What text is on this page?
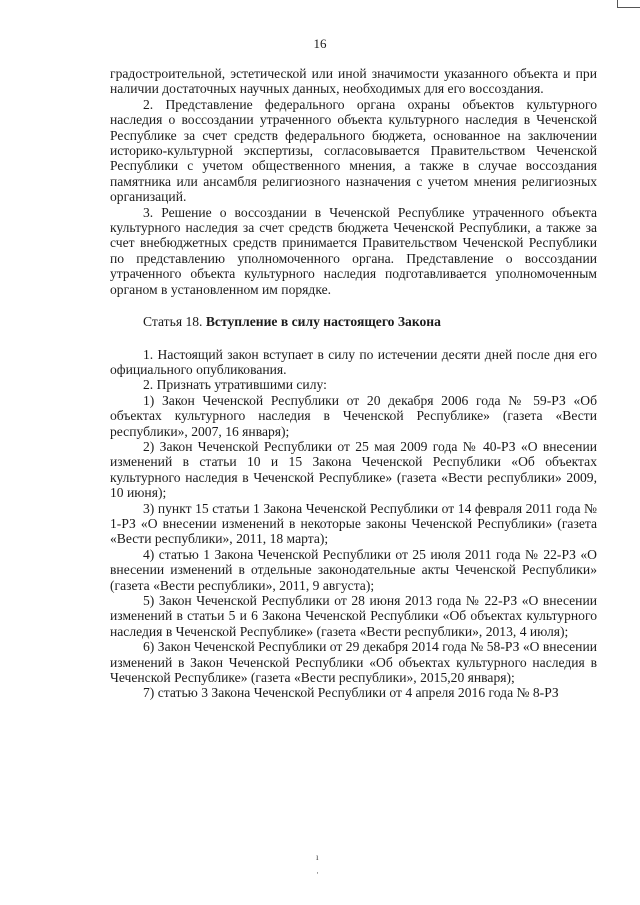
16

градостроительной, эстетической или иной значимости указанного объекта и при наличии достаточных научных данных, необходимых для его воссоздания.

2. Представление федерального органа охраны объектов культурного наследия о воссоздании утраченного объекта культурного наследия в Чеченской Республике за счет средств федерального бюджета, основанное на заключении историко-культурной экспертизы, согласовывается Правительством Чеченской Республики с учетом общественного мнения, а также в случае воссоздания памятника или ансамбля религиозного назначения с учетом мнения религиозных организаций.

3. Решение о воссоздании в Чеченской Республике утраченного объекта культурного наследия за счет средств бюджета Чеченской Республики, а также за счет внебюджетных средств принимается Правительством Чеченской Республики по представлению уполномоченного органа. Представление о воссоздании утраченного объекта культурного наследия подготавливается уполномоченным органом в установленном им порядке.

Статья 18. Вступление в силу настоящего Закона

1. Настоящий закон вступает в силу по истечении десяти дней после дня его официального опубликования.

2. Признать утратившими силу:

1) Закон Чеченской Республики от 20 декабря 2006 года № 59-РЗ «Об объектах культурного наследия в Чеченской Республике» (газета «Вести республики», 2007, 16 января);

2) Закон Чеченской Республики от 25 мая 2009 года № 40-РЗ «О внесении изменений в статьи 10 и 15 Закона Чеченской Республики «Об объектах культурного наследия в Чеченской Республике» (газета «Вести республики» 2009, 10 июня);

3) пункт 15 статьи 1 Закона Чеченской Республики от 14 февраля 2011 года № 1-РЗ «О внесении изменений в некоторые законы Чеченской Республики» (газета «Вести республики», 2011, 18 марта);

4) статью 1 Закона Чеченской Республики от 25 июля 2011 года № 22-РЗ «О внесении изменений в отдельные законодательные акты Чеченской Республики» (газета «Вести республики», 2011, 9 августа);

5) Закон Чеченской Республики от 28 июня 2013 года № 22-РЗ «О внесении изменений в статьи 5 и 6 Закона Чеченской Республики «Об объектах культурного наследия в Чеченской Республике» (газета «Вести республики», 2013, 4 июля);

6) Закон Чеченской Республики от 29 декабря 2014 года № 58-РЗ «О внесении изменений в Закон Чеченской Республики «Об объектах культурного наследия в Чеченской Республике» (газета «Вести республики», 2015,20 января);

7) статью 3 Закона Чеченской Республики от 4 апреля 2016 года № 8-РЗ

ı
·
